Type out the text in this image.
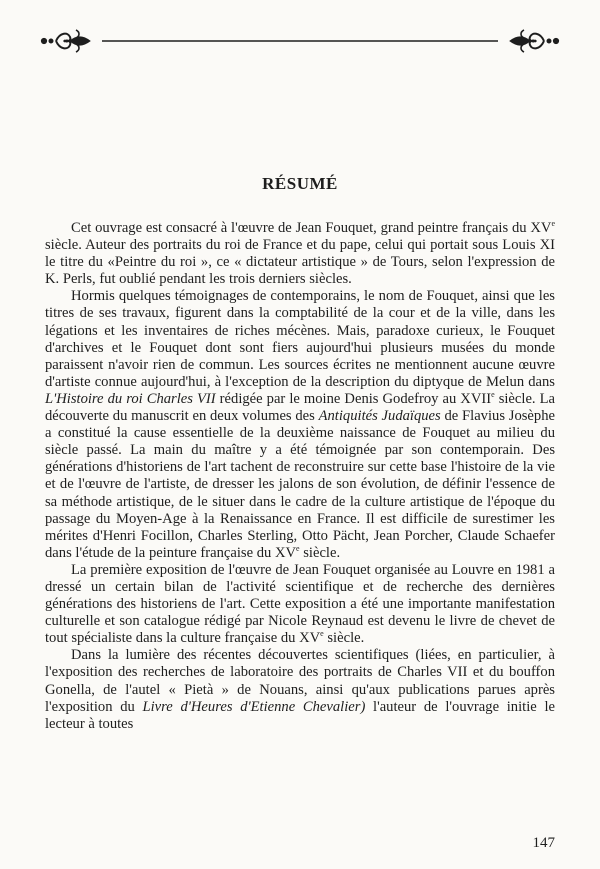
RÉSUMÉ

Cet ouvrage est consacré à l'œuvre de Jean Fouquet, grand peintre français du XVe siècle. Auteur des portraits du roi de France et du pape, celui qui portait sous Louis XI le titre du «Peintre du roi », ce « dictateur artistique » de Tours, selon l'expression de K. Perls, fut oublié pendant les trois derniers siècles.

Hormis quelques témoignages de contemporains, le nom de Fouquet, ainsi que les titres de ses travaux, figurent dans la comptabilité de la cour et de la ville, dans les légations et les inventaires de riches mécènes. Mais, paradoxe curieux, le Fouquet d'archives et le Fouquet dont sont fiers aujourd'hui plusieurs musées du monde paraissent n'avoir rien de commun. Les sources écrites ne mentionnent aucune œuvre d'artiste connue aujourd'hui, à l'exception de la description du diptyque de Melun dans L'Histoire du roi Charles VII rédigée par le moine Denis Godefroy au XVIIe siècle. La découverte du manuscrit en deux volumes des Antiquités Judaïques de Flavius Josèphe a constitué la cause essentielle de la deuxième naissance de Fouquet au milieu du siècle passé. La main du maître y a été témoignée par son contemporain. Des générations d'historiens de l'art tachent de reconstruire sur cette base l'histoire de la vie et de l'œuvre de l'artiste, de dresser les jalons de son évolution, de définir l'essence de sa méthode artistique, de le situer dans le cadre de la culture artistique de l'époque du passage du Moyen-Age à la Renaissance en France. Il est difficile de surestimer les mérites d'Henri Focillon, Charles Sterling, Otto Pächt, Jean Porcher, Claude Schaefer dans l'étude de la peinture française du XVe siècle.

La première exposition de l'œuvre de Jean Fouquet organisée au Louvre en 1981 a dressé un certain bilan de l'activité scientifique et de recherche des dernières générations des historiens de l'art. Cette exposition a été une importante manifestation culturelle et son catalogue rédigé par Nicole Reynaud est devenu le livre de chevet de tout spécialiste dans la culture française du XVe siècle.

Dans la lumière des récentes découvertes scientifiques (liées, en particulier, à l'exposition des recherches de laboratoire des portraits de Charles VII et du bouffon Gonella, de l'autel « Pietà » de Nouans, ainsi qu'aux publications parues après l'exposition du Livre d'Heures d'Etienne Chevalier) l'auteur de l'ouvrage initie le lecteur à toutes

147
